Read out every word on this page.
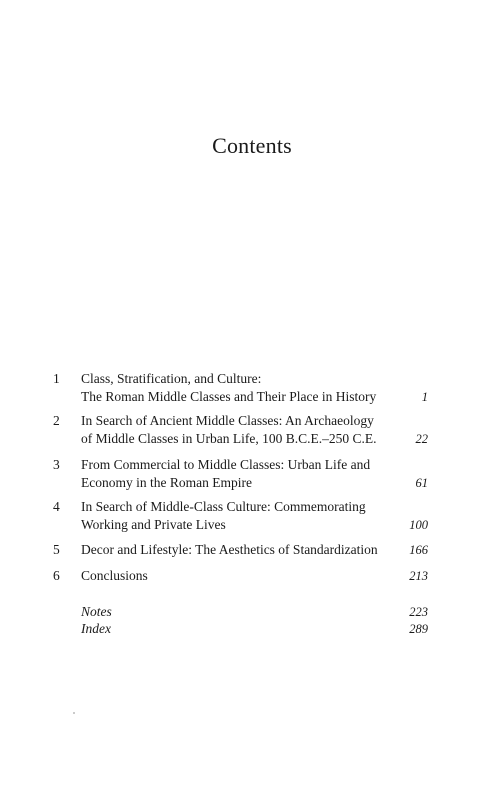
Contents
1 Class, Stratification, and Culture:
The Roman Middle Classes and Their Place in History	1
2 In Search of Ancient Middle Classes: An Archaeology
of Middle Classes in Urban Life, 100 B.C.E.–250 C.E.	22
3 From Commercial to Middle Classes: Urban Life and
Economy in the Roman Empire	61
4 In Search of Middle-Class Culture: Commemorating
Working and Private Lives	100
5 Decor and Lifestyle: The Aesthetics of Standardization	166
6 Conclusions	213
Notes	223
Index	289
